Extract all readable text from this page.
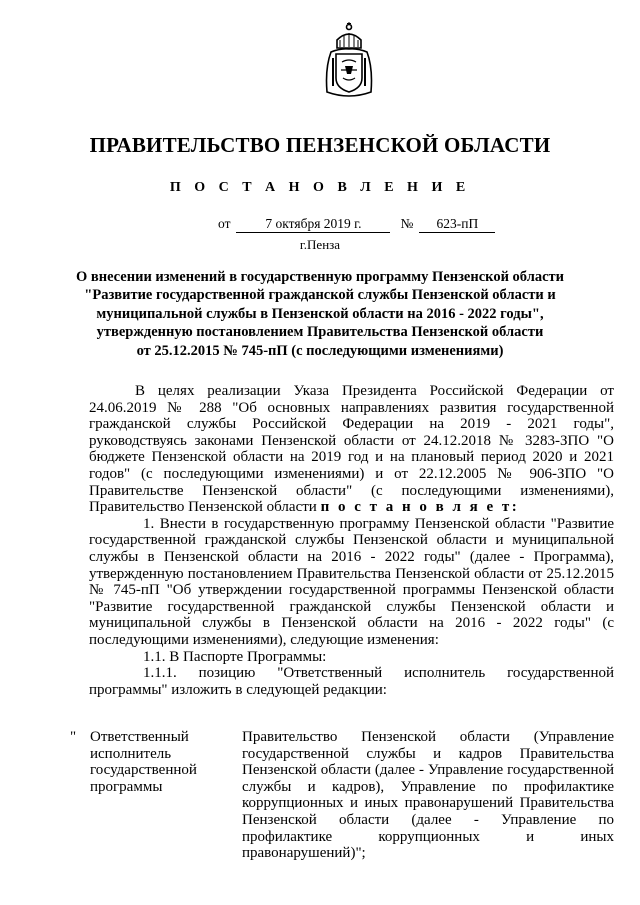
ПРАВИТЕЛЬСТВО ПЕНЗЕНСКОЙ ОБЛАСТИ
П О С Т А Н О В Л Е Н И Е
от	7 октября 2019 г.	№ 623-пП
г.Пенза
О внесении изменений в государственную программу Пензенской области
"Развитие государственной гражданской службы Пензенской области и
муниципальной службы в Пензенской области на 2016 - 2022 годы",
утвержденную постановлением Правительства Пензенской области
от 25.12.2015 № 745-пП (с последующими изменениями)

В целях реализации Указа Президента Российской Федерации от 24.06.2019 № 288 "Об основных направлениях развития государственной гражданской службы Российской Федерации на 2019 - 2021 годы", руководствуясь законами Пензенской области от 24.12.2018 № 3283-ЗПО "О бюджете Пензенской области на 2019 год и на плановый период 2020 и 2021 годов" (с последующими изменениями) и от 22.12.2005 № 906-ЗПО "О Правительстве Пензенской области" (с последующими изменениями), Правительство Пензенской области п о с т а н о в л я е т:

1. Внести в государственную программу Пензенской области "Развитие государственной гражданской службы Пензенской области и муниципальной службы в Пензенской области на 2016 - 2022 годы" (далее - Программа), утвержденную постановлением Правительства Пензенской области от 25.12.2015 № 745-пП "Об утверждении государственной программы Пензенской области "Развитие государственной гражданской службы Пензенской области и муниципальной службы в Пензенской области на 2016 - 2022 годы" (с последующими изменениями), следующие изменения:

1.1. В Паспорте Программы:

1.1.1. позицию "Ответственный исполнитель государственной программы" изложить в следующей редакции:

" Ответственный
исполнитель
государственной
программы
Правительство Пензенской области (Управление государственной службы и кадров Правительства Пензенской области (далее - Управление государственной службы и кадров), Управление по профилактике коррупционных и иных правонарушений Правительства Пензенской области (далее - Управление по профилактике коррупционных и иных правонарушений)";
